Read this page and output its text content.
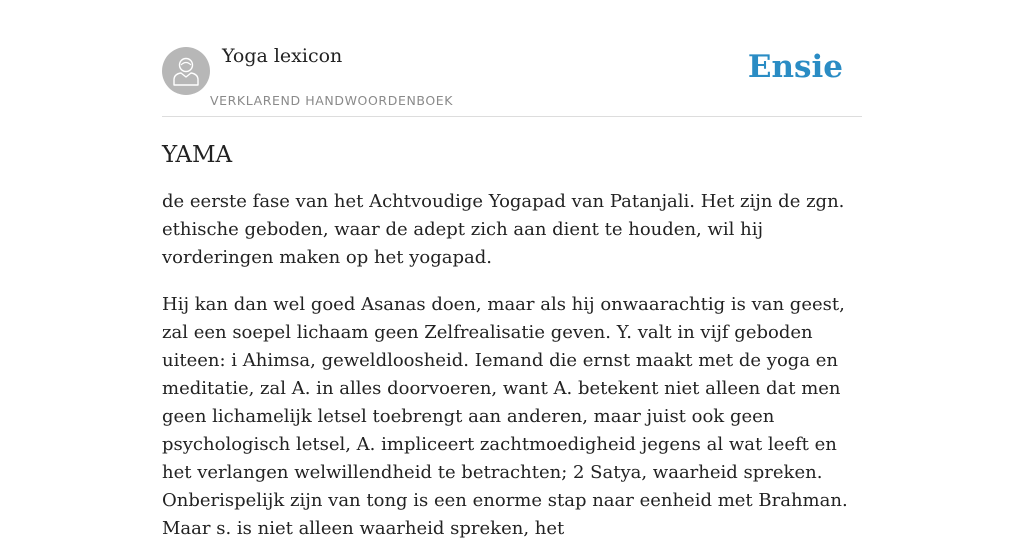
Yoga lexicon
VERKLAREND HANDWOORDENBOEK
Ensie
YAMA

de eerste fase van het Achtvoudige Yogapad van Patanjali. Het zijn de zgn. ethische geboden, waar de adept zich aan dient te houden, wil hij vorderingen maken op het yogapad.

Hij kan dan wel goed Asanas doen, maar als hij onwaarachtig is van geest, zal een soepel lichaam geen Zelfrealisatie geven. Y. valt in vijf geboden uiteen: i Ahimsa, geweldloosheid. Iemand die ernst maakt met de yoga en meditatie, zal A. in alles doorvoeren, want A. betekent niet alleen dat men geen lichamelijk letsel toebrengt aan anderen, maar juist ook geen psychologisch letsel, A. impliceert zachtmoedigheid jegens al wat leeft en het verlangen welwillendheid te betrachten; 2 Satya, waarheid spreken. Onberispelijk zijn van tong is een enorme stap naar eenheid met Brahman. Maar s. is niet alleen waarheid spreken, het
